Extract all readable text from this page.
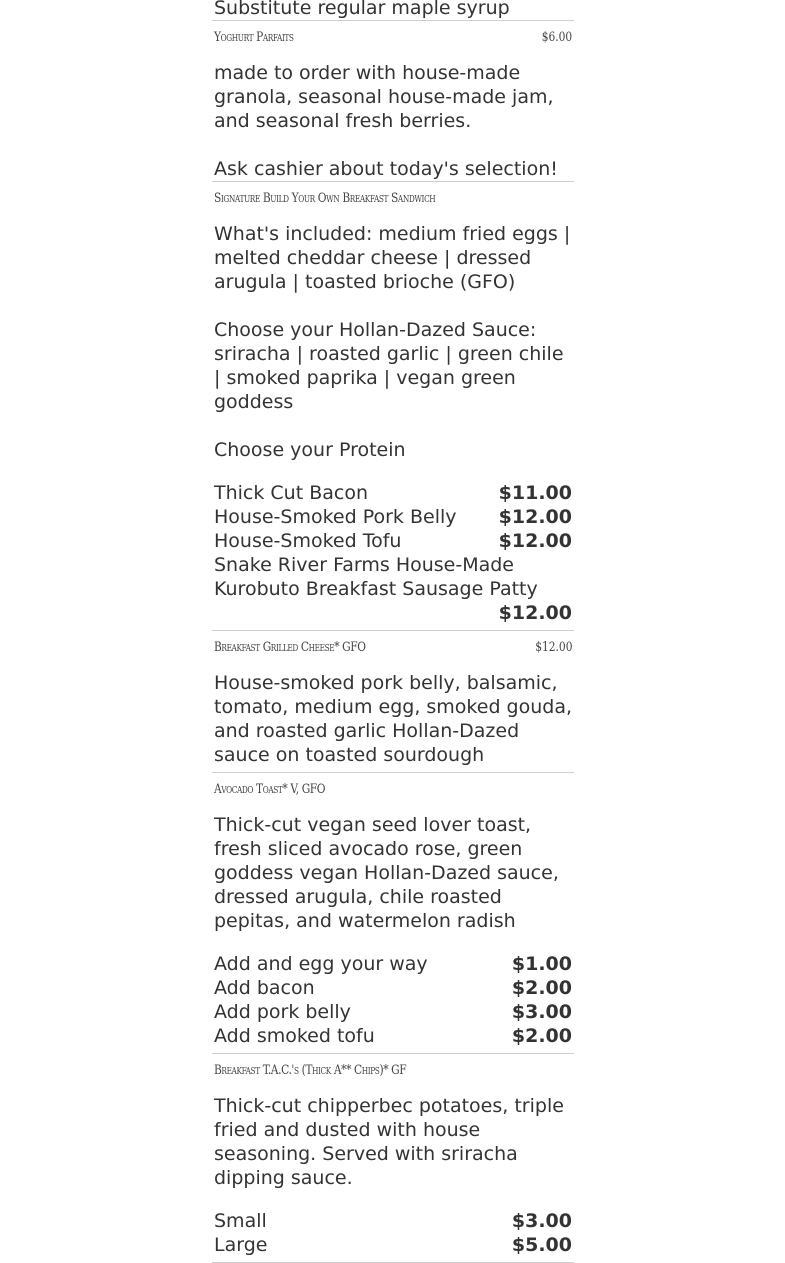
Substitute regular maple syrup
Yoghurt Parfaits	$6.00
made to order with house-made granola, seasonal house-made jam, and seasonal fresh berries.
Ask cashier about today's selection!
Signature Build Your Own Breakfast Sandwich
What's included: medium fried eggs | melted cheddar cheese | dressed arugula | toasted brioche (GFO)
Choose your Hollan-Dazed Sauce: sriracha | roasted garlic | green chile | smoked paprika | vegan green goddess
Choose your Protein
Thick Cut Bacon	$11.00
House-Smoked Pork Belly $12.00
House-Smoked Tofu	$12.00
Snake River Farms House-Made Kurobuto Breakfast Sausage Patty
$12.00
Breakfast Grilled Cheese* GFO	$12.00
House-smoked pork belly, balsamic, tomato, medium egg, smoked gouda, and roasted garlic Hollan-Dazed sauce on toasted sourdough
Avocado Toast* V, GFO
Thick-cut vegan seed lover toast, fresh sliced avocado rose, green goddess vegan Hollan-Dazed sauce, dressed arugula, chile roasted pepitas, and watermelon radish
Add and egg your way	$1.00
Add bacon	$2.00
Add pork belly	$3.00
Add smoked tofu	$2.00
Breakfast T.A.C.'s (Thick A** Chips)* GF
Thick-cut chipperbec potatoes, triple fried and dusted with house seasoning. Served with sriracha dipping sauce.
Small	$3.00
Large	$5.00
